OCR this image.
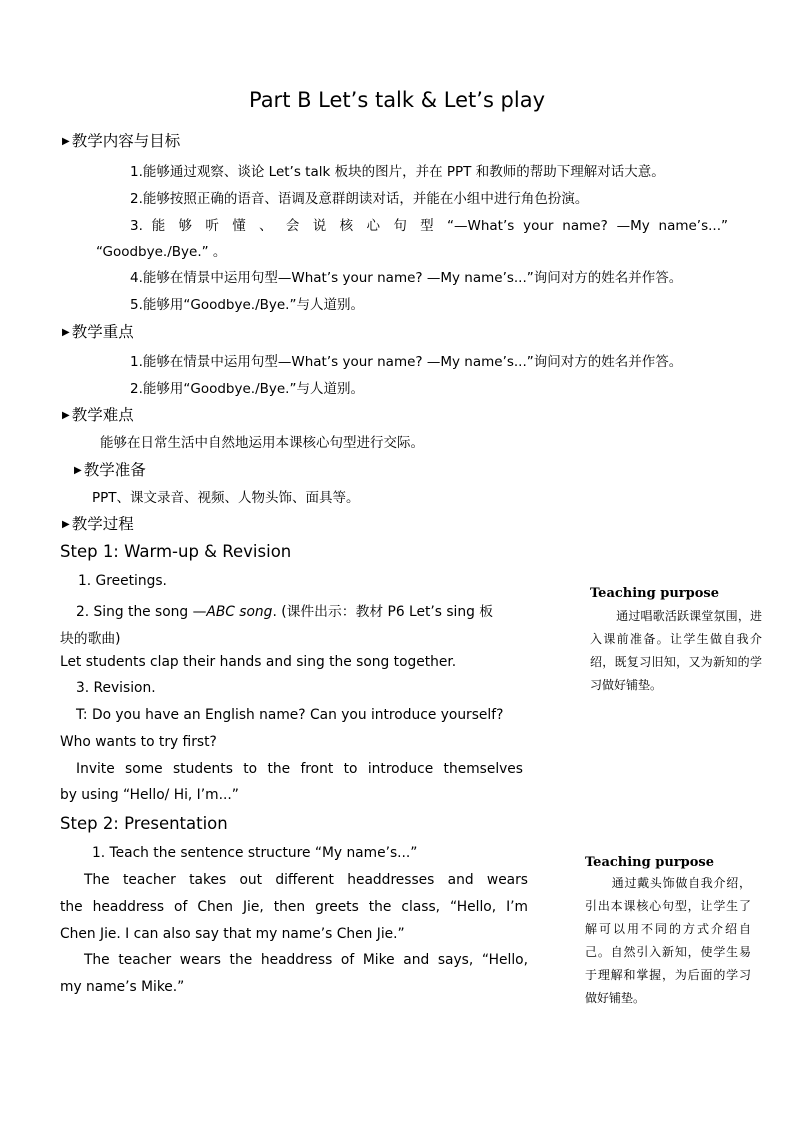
Part B Let’s talk & Let’s play
▶ 教学内容与目标
1.能够通过观察、谈论 Let’s talk 板块的图片，并在 PPT 和教师的帮助下理解对话大意。
2.能够按照正确的语音、语调及意群朗读对话，并能在小组中进行角色扮演。
3. 能 够 听 懂 、 会 说 核 心 句 型 “—What’s your name? —My name’s...”
“Goodbye./Bye.” 。
4.能够在情景中运用句型—What’s your name? —My name’s...”询问对方的姓名并作答。
5.能够用“Goodbye./Bye.”与人道别。
▶ 教学重点
1.能够在情景中运用句型—What’s your name? —My name’s...”询问对方的姓名并作答。
2.能够用“Goodbye./Bye.”与人道别。
▶ 教学难点
能够在日常生活中自然地运用本课核心句型进行交际。
▶ 教学准备
PPT、课文录音、视频、人物头饰、面具等。
▶ 教学过程
Step 1: Warm-up & Revision
1. Greetings.
2. Sing the song —ABC song. (课件出示：教材 P6 Let’s sing 板
块的歌曲)
Let students clap their hands and sing the song together.
3. Revision.
T: Do you have an English name? Can you introduce yourself?
Who wants to try first?
Invite some students to the front to introduce themselves
by using “Hello/ Hi, I’m...”
Step 2: Presentation
1. Teach the sentence structure “My name’s...”
The teacher takes out different headdresses and wears
the headdress of Chen Jie, then greets the class, “Hello, I’m
Chen Jie. I can also say that my name’s Chen Jie.”
The teacher wears the headdress of Mike and says, “Hello,
my name’s Mike.”
Teaching purpose
通过唱歌活跃课堂氛围，进入课前准备。让学生做自我介绍，既复习旧知，又为新知的学习做好铺垫。
Teaching purpose
通过戴头饰做自我介绍，引出本课核心句型，让学生了解可以用不同的方式介绍自己。自然引入新知，使学生易于理解和掌握，为后面的学习做好铺垫。
